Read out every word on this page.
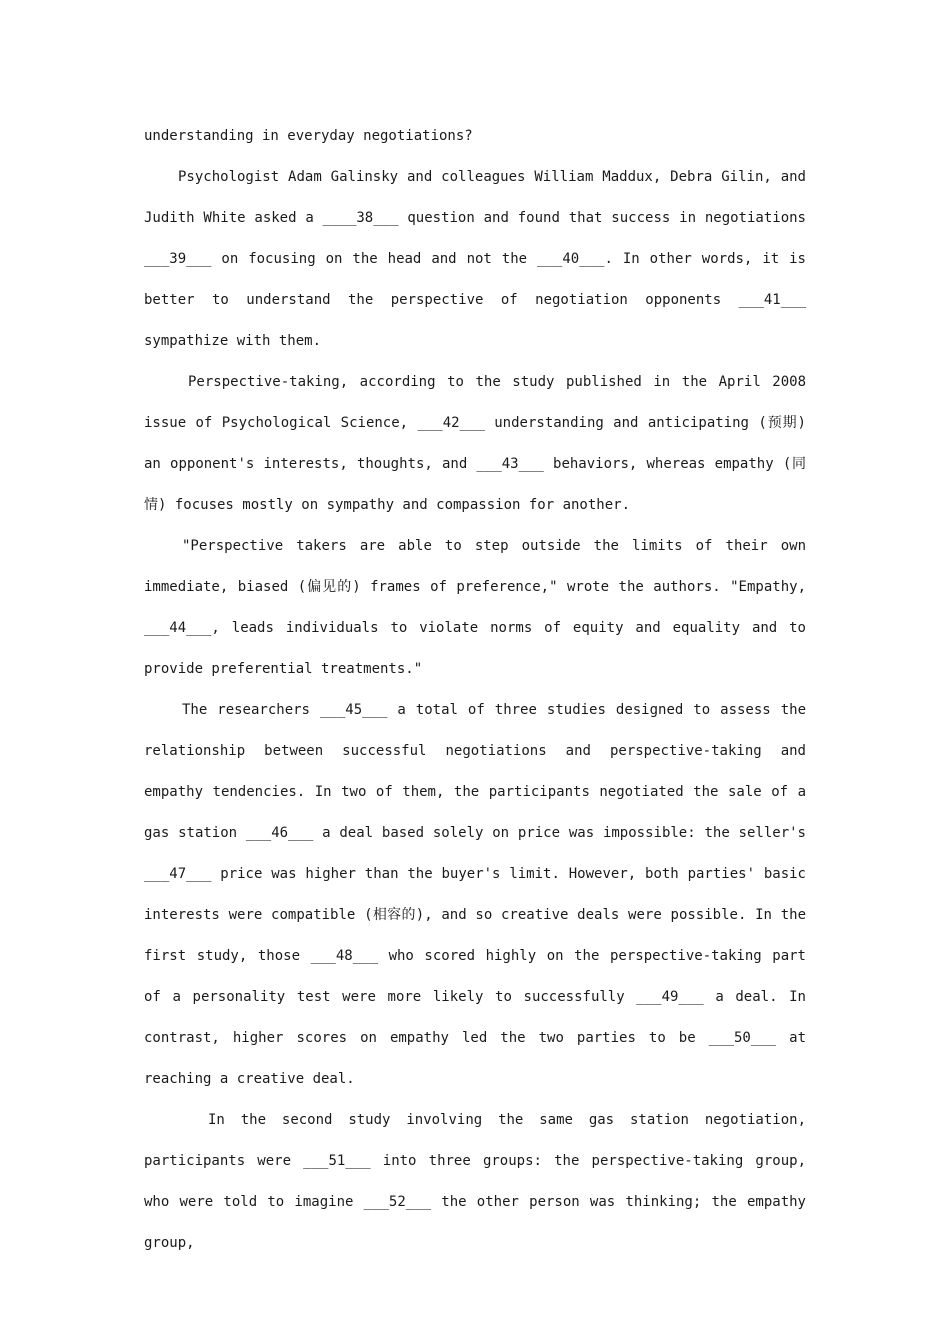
understanding in everyday negotiations?

Psychologist Adam Galinsky and colleagues William Maddux, Debra Gilin, and Judith White asked a ____38___ question and found that success in negotiations ___39___ on focusing on the head and not the ___40___. In other words, it is better to understand the perspective of negotiation opponents ___41___ sympathize with them.

Perspective-taking, according to the study published in the April 2008 issue of Psychological Science, ___42___ understanding and anticipating (预期) an opponent's interests, thoughts, and ___43___ behaviors, whereas empathy (同情) focuses mostly on sympathy and compassion for another.

"Perspective takers are able to step outside the limits of their own immediate, biased (偏见的) frames of preference," wrote the authors. "Empathy, ___44___, leads individuals to violate norms of equity and equality and to provide preferential treatments."

The researchers ___45___ a total of three studies designed to assess the relationship between successful negotiations and perspective-taking and empathy tendencies. In two of them, the participants negotiated the sale of a gas station ___46___ a deal based solely on price was impossible: the seller's ___47___ price was higher than the buyer's limit. However, both parties' basic interests were compatible (相容的), and so creative deals were possible. In the first study, those ___48___ who scored highly on the perspective-taking part of a personality test were more likely to successfully ___49___ a deal. In contrast, higher scores on empathy led the two parties to be ___50___ at reaching a creative deal.

In the second study involving the same gas station negotiation, participants were ___51___ into three groups: the perspective-taking group, who were told to imagine ___52___ the other person was thinking; the empathy group,
